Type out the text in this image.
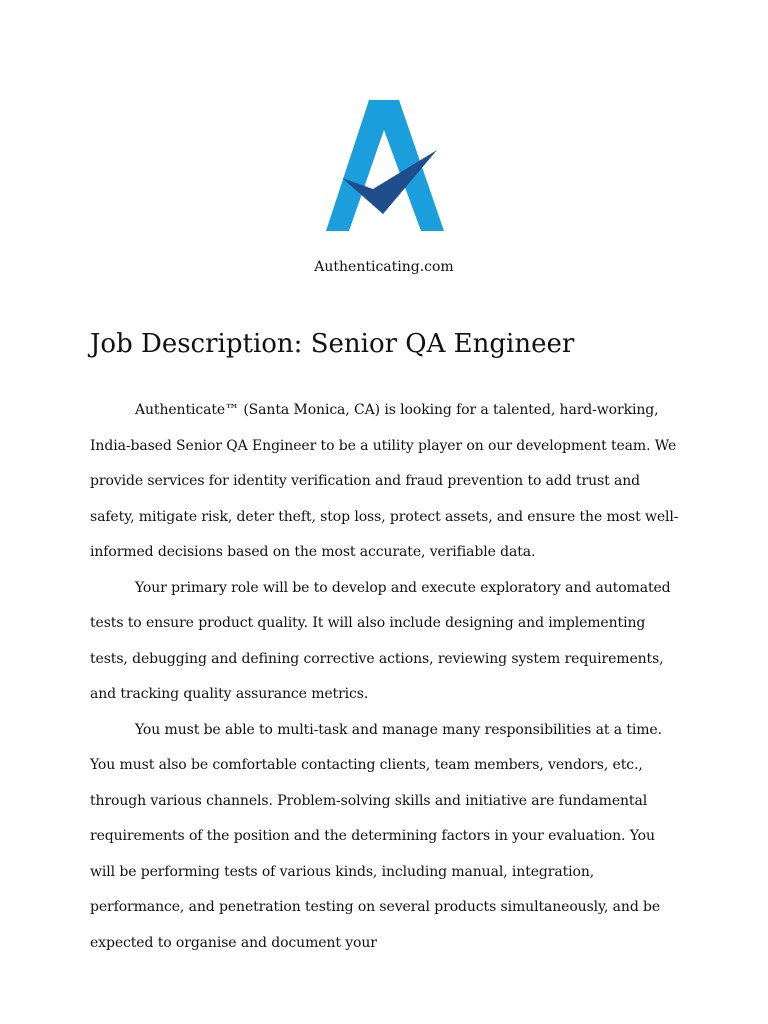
Authenticating.com
Job Description: Senior QA Engineer

Authenticate™ (Santa Monica, CA) is looking for a talented, hard-working, India-based Senior QA Engineer to be a utility player on our development team. We provide services for identity verification and fraud prevention to add trust and safety, mitigate risk, deter theft, stop loss, protect assets, and ensure the most well-informed decisions based on the most accurate, verifiable data.

Your primary role will be to develop and execute exploratory and automated tests to ensure product quality. It will also include designing and implementing tests, debugging and defining corrective actions, reviewing system requirements, and tracking quality assurance metrics.

You must be able to multi-task and manage many responsibilities at a time. You must also be comfortable contacting clients, team members, vendors, etc., through various channels. Problem-solving skills and initiative are fundamental requirements of the position and the determining factors in your evaluation. You will be performing tests of various kinds, including manual, integration, performance, and penetration testing on several products simultaneously, and be expected to organise and document your
